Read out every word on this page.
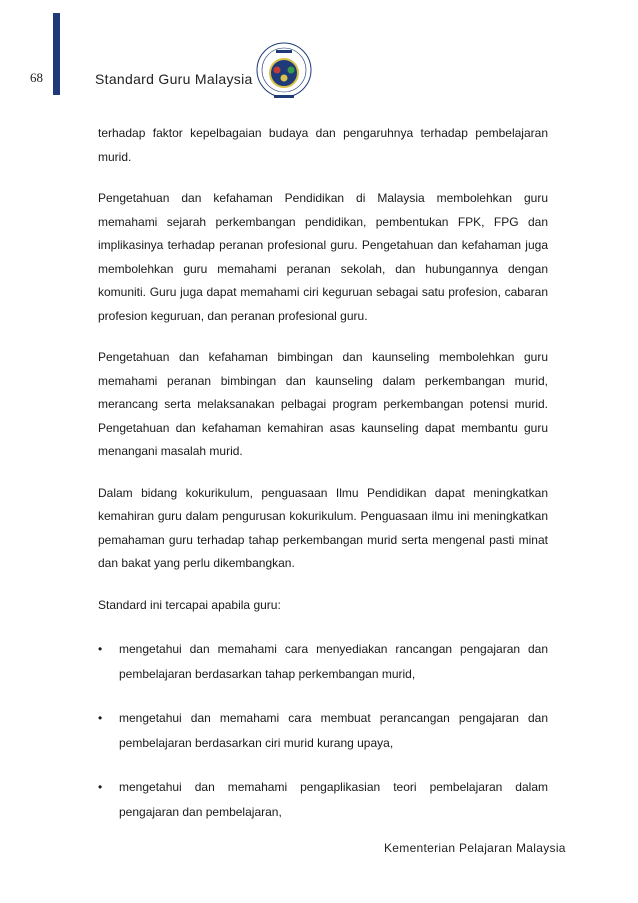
68	Standard Guru Malaysia

terhadap faktor kepelbagaian budaya dan pengaruhnya terhadap pembelajaran murid.

Pengetahuan dan kefahaman Pendidikan di Malaysia membolehkan guru memahami sejarah perkembangan pendidikan, pembentukan FPK, FPG dan implikasinya terhadap peranan profesional guru. Pengetahuan dan kefahaman juga membolehkan guru memahami peranan sekolah, dan hubungannya dengan komuniti. Guru juga dapat memahami ciri keguruan sebagai satu profesion, cabaran profesion keguruan, dan peranan profesional guru.

Pengetahuan dan kefahaman bimbingan dan kaunseling membolehkan guru memahami peranan bimbingan dan kaunseling dalam perkembangan murid, merancang serta melaksanakan pelbagai program perkembangan potensi murid. Pengetahuan dan kefahaman kemahiran asas kaunseling dapat membantu guru menangani masalah murid.

Dalam bidang kokurikulum, penguasaan Ilmu Pendidikan dapat meningkatkan kemahiran guru dalam pengurusan kokurikulum. Penguasaan ilmu ini meningkatkan pemahaman guru terhadap tahap perkembangan murid serta mengenal pasti minat dan bakat yang perlu dikembangkan.

Standard ini tercapai apabila guru:

• mengetahui dan memahami cara menyediakan rancangan pengajaran dan pembelajaran berdasarkan tahap perkembangan murid,
• mengetahui dan memahami cara membuat perancangan pengajaran dan pembelajaran berdasarkan ciri murid kurang upaya,
• mengetahui dan memahami pengaplikasian teori pembelajaran dalam pengajaran dan pembelajaran,
Kementerian Pelajaran Malaysia
